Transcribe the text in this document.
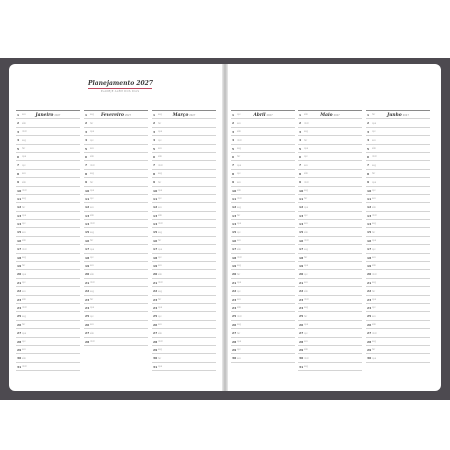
Planejamento 2027
PLANEJE ALÉM DOS DIAS
Janeiro2027
1 sex
2 sáb
3 dom
4 seg
5 ter
6 qua
7 qui
8 sex
9 sáb
10 dom
11 seg
12 ter
13 qua
14 qui
15 sex
16 sáb
17 dom
18 seg
19 ter
20 qua
21 qui
22 sex
23 sáb
24 dom
25 seg
26 ter
27 qua
28 qui
29 sex
30 sáb
31 dom
Fevereiro2027
1 seg
2 ter
3 qua
4 qui
5 sex
6 sáb
7 dom
8 seg
9 ter
10 qua
11 qui
12 sex
13 sáb
14 dom
15 seg
16 ter
17 qua
18 qui
19 sex
20 sáb
21 dom
22 seg
23 ter
24 qua
25 qui
26 sex
27 sáb
28 dom
Março2027
1 seg
2 ter
3 qua
4 qui
5 sex
6 sáb
7 dom
8 seg
9 ter
10 qua
11 qui
12 sex
13 sáb
14 dom
15 seg
16 ter
17 qua
18 qui
19 sex
20 sáb
21 dom
22 seg
23 ter
24 qua
25 qui
26 sex
27 sáb
28 dom
29 seg
30 ter
31 qua
Abril2027
1 qui
2 sex
3 sáb
4 dom
5 seg
6 ter
7 qua
8 qui
9 sex
10 sáb
11 dom
12 seg
13 ter
14 qua
15 qui
16 sex
17 sáb
18 dom
19 seg
20 ter
21 qua
22 qui
23 sex
24 sáb
25 dom
26 seg
27 ter
28 qua
29 qui
30 sex
Maio2027
1 sáb
2 dom
3 seg
4 ter
5 qua
6 qui
7 sex
8 sáb
9 dom
10 seg
11 ter
12 qua
13 qui
14 sex
15 sáb
16 dom
17 seg
18 ter
19 qua
20 qui
21 sex
22 sáb
23 dom
24 seg
25 ter
26 qua
27 qui
28 sex
29 sáb
30 dom
31 seg
Junho2027
1 ter
2 qua
3 qui
4 sex
5 sáb
6 dom
7 seg
8 ter
9 qua
10 qui
11 sex
12 sáb
13 dom
14 seg
15 ter
16 qua
17 qui
18 sex
19 sáb
20 dom
21 seg
22 ter
23 qua
24 qui
25 sex
26 sáb
27 dom
28 seg
29 ter
30 qua
